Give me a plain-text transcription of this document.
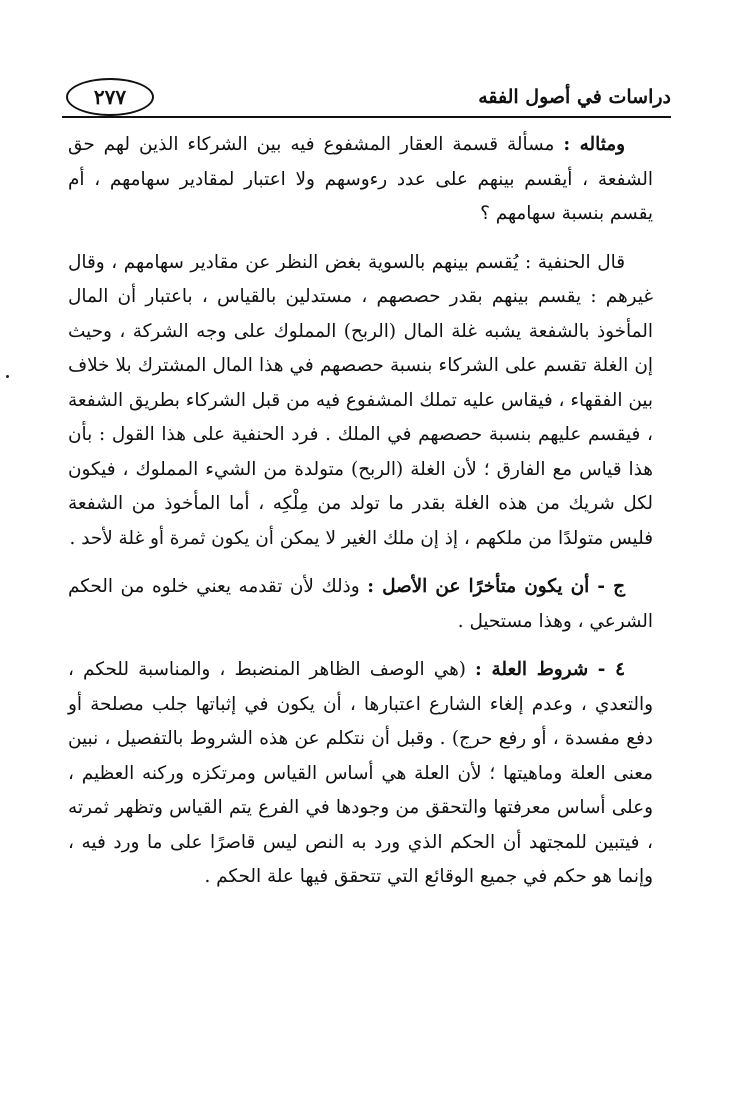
دراسات في أصول الفقه
٢٧٧

ومثاله : مسألة قسمة العقار المشفوع فيه بين الشركاء الذين لهم حق الشفعة ، أيقسم بينهم على عدد رءوسهم ولا اعتبار لمقادير سهامهم ، أم يقسم بنسبة سهامهم ؟

قال الحنفية : يُقسم بينهم بالسوية بغض النظر عن مقادير سهامهم ، وقال غيرهم : يقسم بينهم بقدر حصصهم ، مستدلين بالقياس ، باعتبار أن المال المأخوذ بالشفعة يشبه غلة المال (الربح) المملوك على وجه الشركة ، وحيث إن الغلة تقسم على الشركاء بنسبة حصصهم في هذا المال المشترك بلا خلاف بين الفقهاء ، فيقاس عليه تملك المشفوع فيه من قبل الشركاء بطريق الشفعة ، فيقسم عليهم بنسبة حصصهم في الملك . فرد الحنفية على هذا القول : بأن هذا قياس مع الفارق ؛ لأن الغلة (الربح) متولدة من الشيء المملوك ، فيكون لكل شريك من هذه الغلة بقدر ما تولد من مِلْكِه ، أما المأخوذ من الشفعة فليس متولدًا من ملكهم ، إذ إن ملك الغير لا يمكن أن يكون ثمرة أو غلة لأحد .

ج - أن يكون متأخرًا عن الأصل : وذلك لأن تقدمه يعني خلوه من الحكم الشرعي ، وهذا مستحيل .

٤ - شروط العلة : (هي الوصف الظاهر المنضبط ، والمناسبة للحكم ، والتعدي ، وعدم إلغاء الشارع اعتبارها ، أن يكون في إثباتها جلب مصلحة أو دفع مفسدة ، أو رفع حرج) . وقبل أن نتكلم عن هذه الشروط بالتفصيل ، نبين معنى العلة وماهيتها ؛ لأن العلة هي أساس القياس ومرتكزه وركنه العظيم ، وعلى أساس معرفتها والتحقق من وجودها في الفرع يتم القياس وتظهر ثمرته ، فيتبين للمجتهد أن الحكم الذي ورد به النص ليس قاصرًا على ما ورد فيه ، وإنما هو حكم في جميع الوقائع التي تتحقق فيها علة الحكم .
